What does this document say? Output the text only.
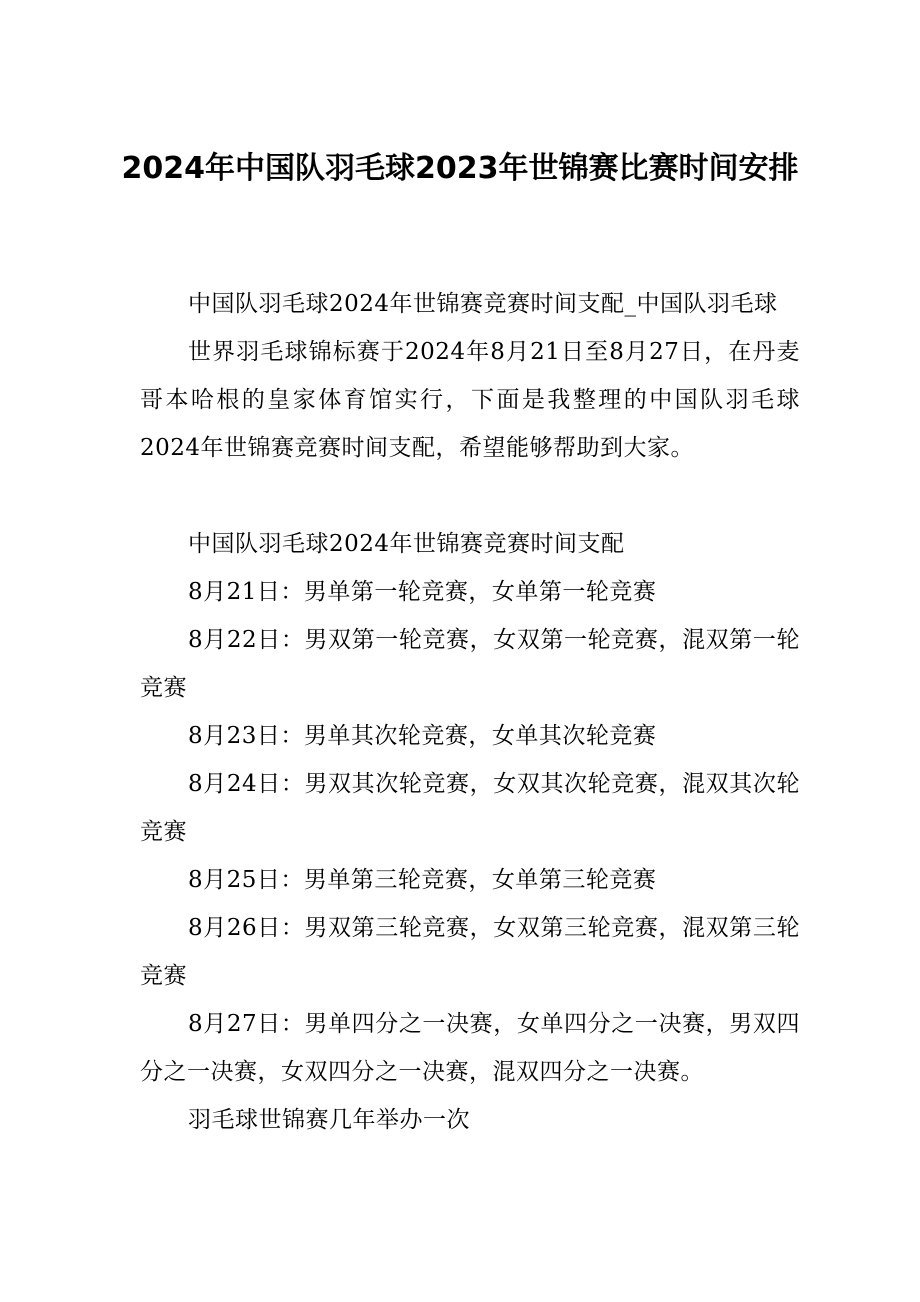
2024年中国队羽毛球2023年世锦赛比赛时间安排

中国队羽毛球2024年世锦赛竞赛时间支配_中国队羽毛球

世界羽毛球锦标赛于2024年8月21日至8月27日，在丹麦哥本哈根的皇家体育馆实行，下面是我整理的中国队羽毛球2024年世锦赛竞赛时间支配，希望能够帮助到大家。

中国队羽毛球2024年世锦赛竞赛时间支配

8月21日：男单第一轮竞赛，女单第一轮竞赛

8月22日：男双第一轮竞赛，女双第一轮竞赛，混双第一轮竞赛

8月23日：男单其次轮竞赛，女单其次轮竞赛

8月24日：男双其次轮竞赛，女双其次轮竞赛，混双其次轮竞赛

8月25日：男单第三轮竞赛，女单第三轮竞赛

8月26日：男双第三轮竞赛，女双第三轮竞赛，混双第三轮竞赛

8月27日：男单四分之一决赛，女单四分之一决赛，男双四分之一决赛，女双四分之一决赛，混双四分之一决赛。

羽毛球世锦赛几年举办一次
